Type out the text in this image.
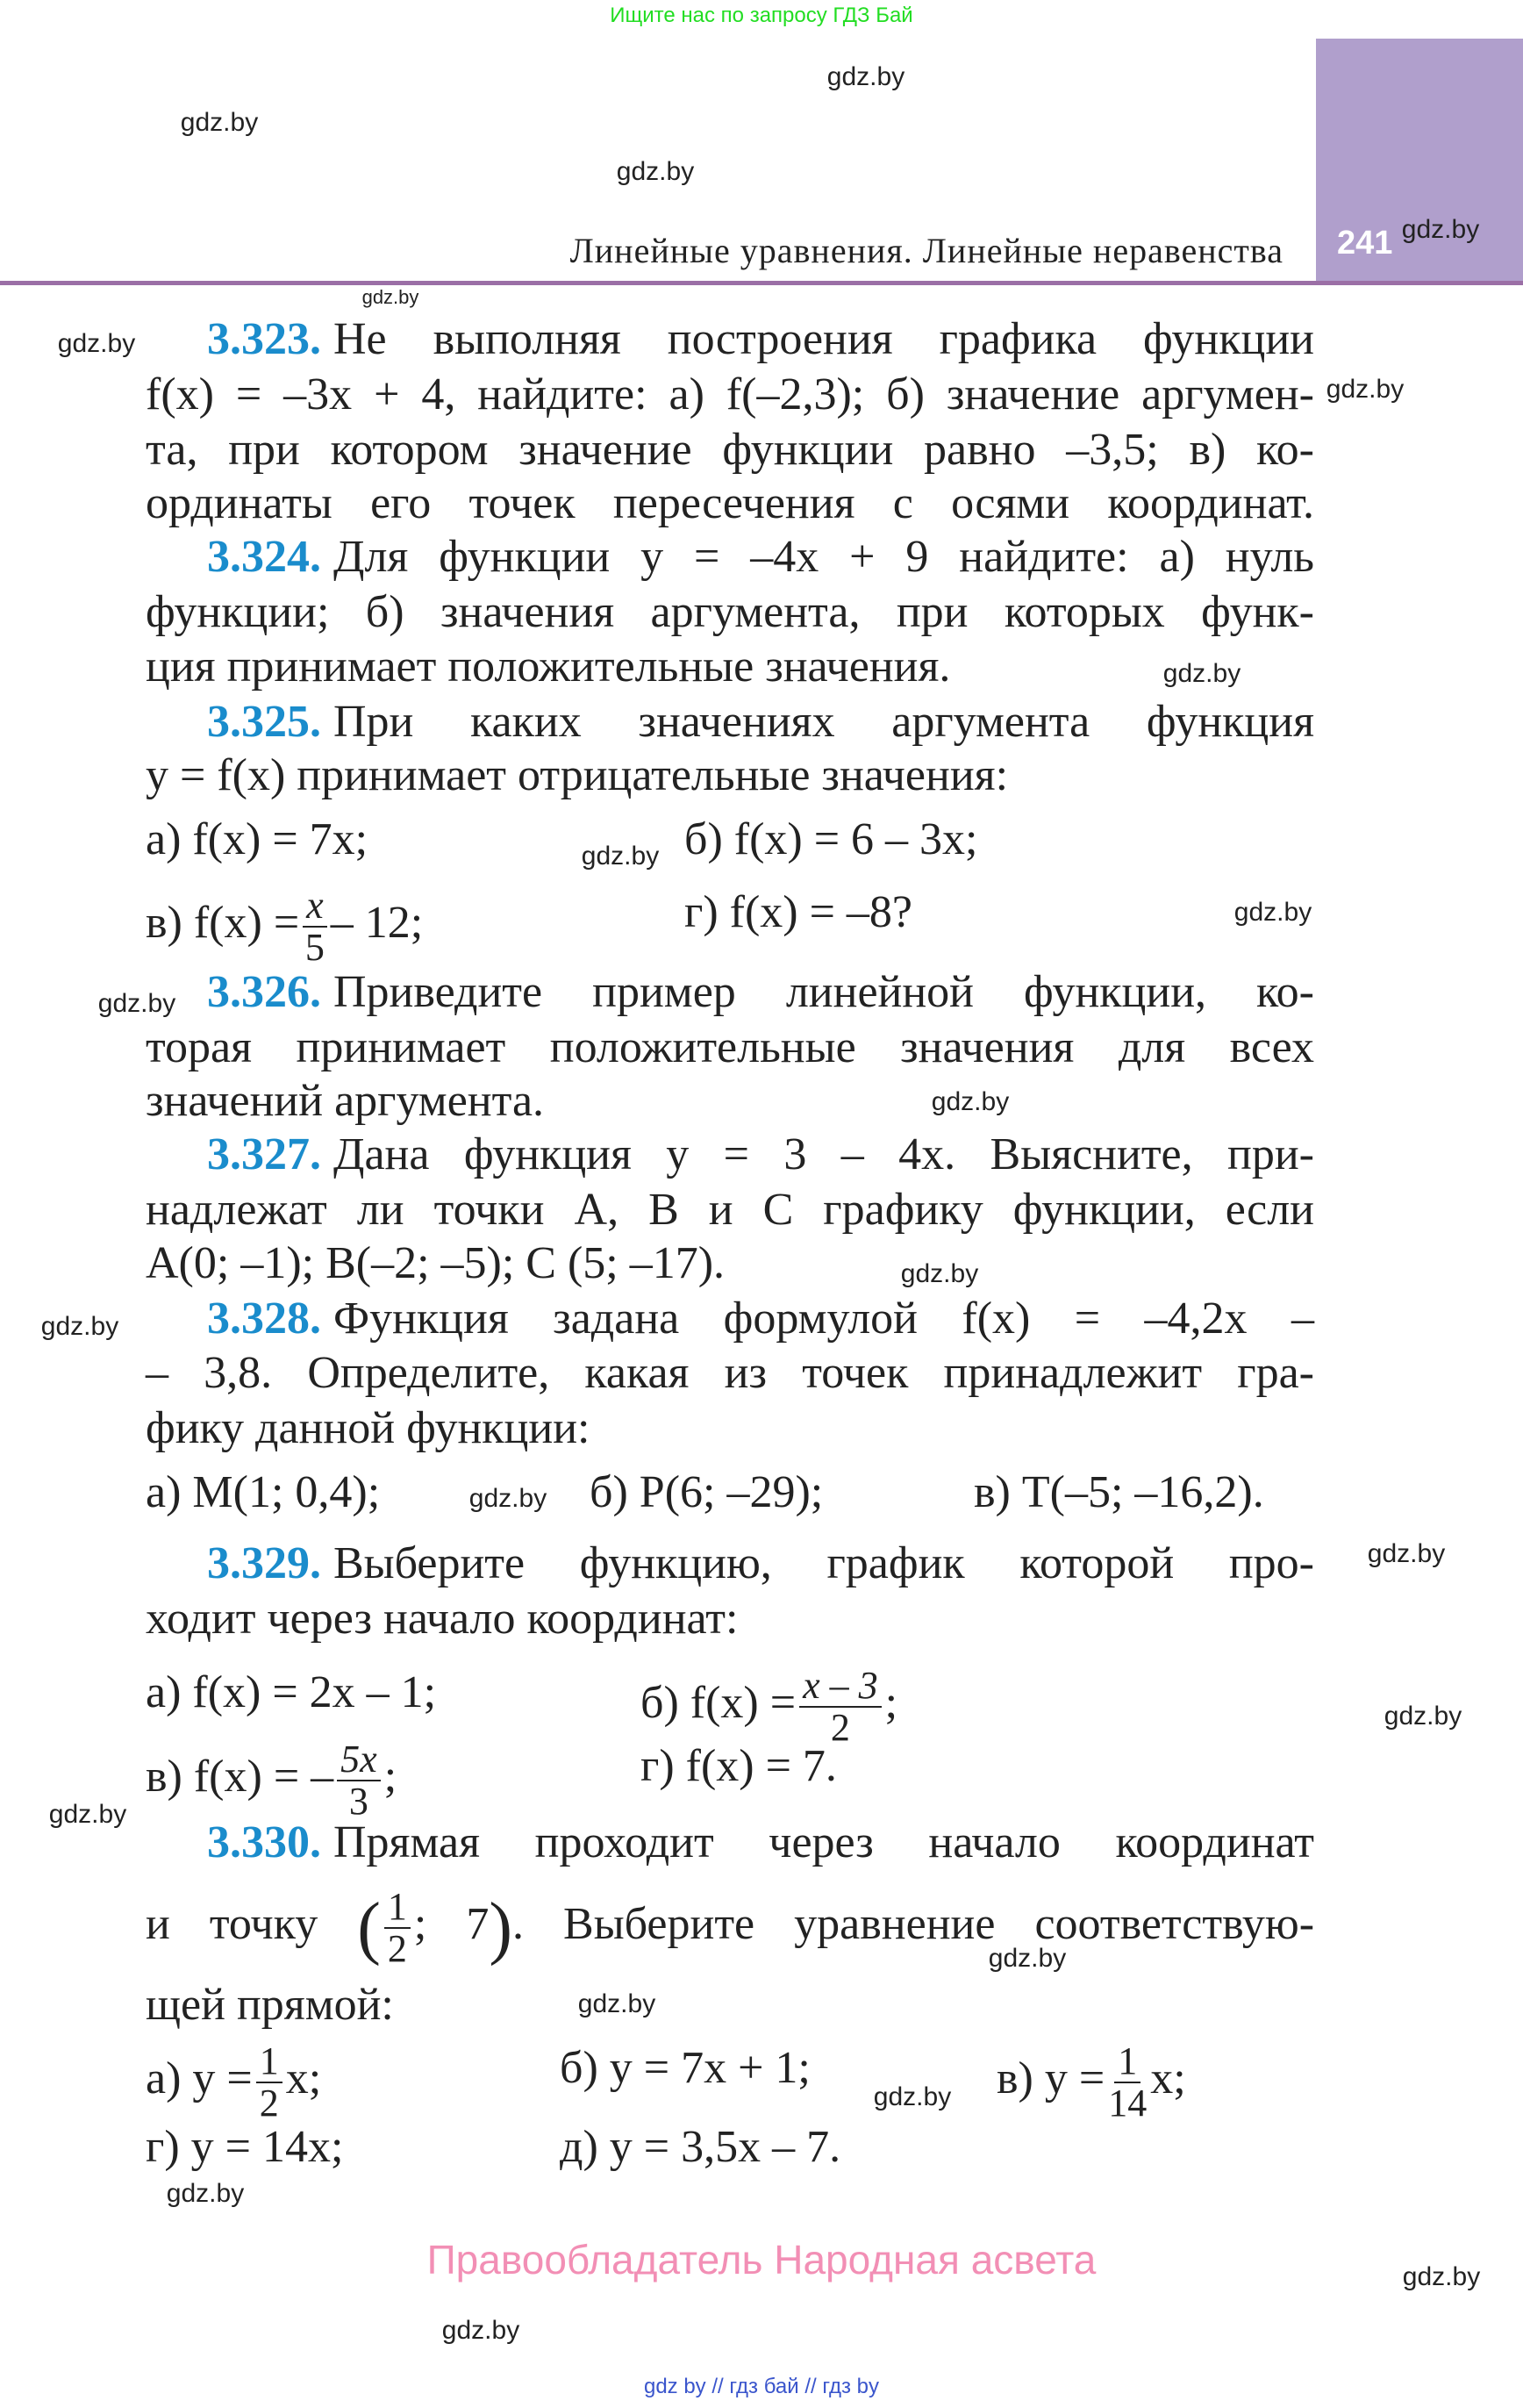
Ищите нас по запросу ГДЗ Бай
Линейные уравнения. Линейные неравенства 241
gdz.by
gdz.by
gdz.by
gdz.by
gdz.by
gdz.by
gdz.by
gdz.by
gdz.by
gdz.by
gdz.by
gdz.by
gdz.by
gdz.by
gdz.by
gdz.by
gdz.by
gdz.by
gdz.by
gdz.by
gdz.by
gdz.by
gdz.by
gdz.by
3.323. Не выполняя построения графика функции
f(x) = –3x + 4, найдите: а) f(–2,3); б) значение аргумен-
та, при котором значение функции равно –3,5; в) ко-
ординаты его точек пересечения с осями координат.
3.324. Для функции y = –4x + 9 найдите: а) нуль
функции; б) значения аргумента, при которых функ-
ция принимает положительные значения.
3.325. При каких значениях аргумента функция
y = f(x) принимает отрицательные значения:
а) f(x) = 7x;	б) f(x) = 6 – 3x;
в) $f(x) = \frac{x}{5} - 12$;	г) f(x) = –8?
3.326. Приведите пример линейной функции, ко-
торая принимает положительные значения для всех
значений аргумента.
3.327. Дана функция y = 3 – 4x. Выясните, при-
надлежат ли точки A, B и C графику функции, если
A(0; –1); B(–2; –5); C (5; –17).
3.328. Функция задана формулой f(x) = –4,2x –
– 3,8. Определите, какая из точек принадлежит гра-
фику данной функции:
а) M(1; 0,4);	б) P(6; –29);	в) T(–5; –16,2).
3.329. Выберите функцию, график которой про-
ходит через начало координат:
а) f(x) = 2x – 1;	б) $f(x) = \frac{x - 3}{2}$ ;
в) f(x) = – $\frac{5x}{3}$ ;	г) f(x) = 7.
3.330. Прямая проходит через начало координат
и точку ( $\frac{1}{2}$ ; 7). Выберите уравнение соответствую-
щей прямой:
а) $y = \frac{1}{2} x$;	б) y = 7x + 1;	в) $y = \frac{1}{14} x$;
г) y = 14x;	д) y = 3,5x – 7.
Правообладатель Народная асвета
gdz by // гдз бай // гдз by
